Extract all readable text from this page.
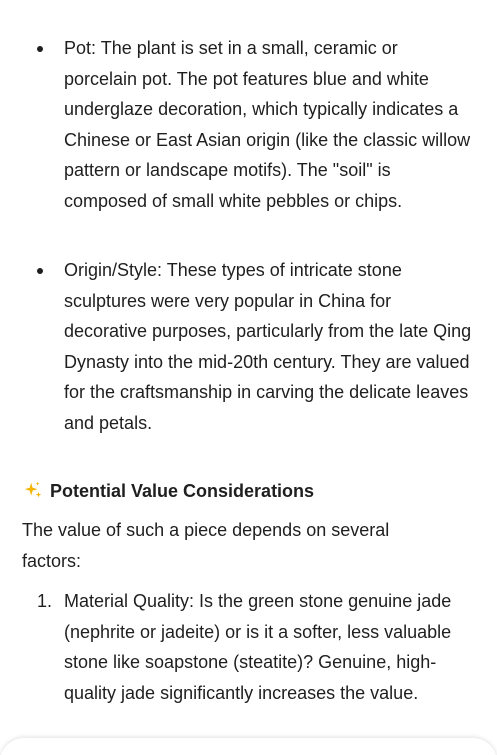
Pot: The plant is set in a small, ceramic or porcelain pot. The pot features blue and white underglaze decoration, which typically indicates a Chinese or East Asian origin (like the classic willow pattern or landscape motifs). The "soil" is composed of small white pebbles or chips.
Origin/Style: These types of intricate stone sculptures were very popular in China for decorative purposes, particularly from the late Qing Dynasty into the mid-20th century. They are valued for the craftsmanship in carving the delicate leaves and petals.
Potential Value Considerations

The value of such a piece depends on several factors:

1. Material Quality: Is the green stone genuine jade (nephrite or jadeite) or is it a softer, less valuable stone like soapstone (steatite)? Genuine, high-quality jade significantly increases the value.
